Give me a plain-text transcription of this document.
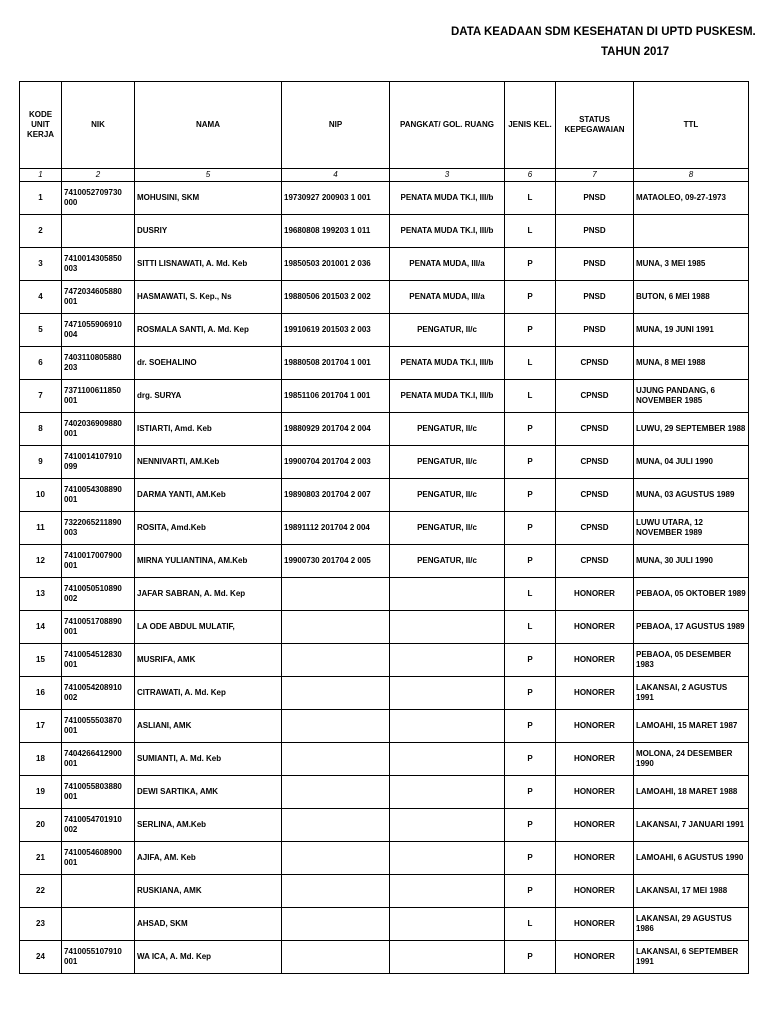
DATA KEADAAN SDM KESEHATAN DI UPTD PUSKESM.
TAHUN 2017
KODE UNIT KERJA	NIK	NAMA	NIP	PANGKAT/ GOL. RUANG	JENIS KEL.	STATUS KEPEGAWAIAN	TTL
1	2	5	4	3	6	7	8
1	7410052709730 000	MOHUSINI, SKM	19730927 200903 1 001	PENATA MUDA TK.I, III/b	L	PNSD	MATAOLEO, 09-27-1973
2		DUSRIY	19680808 199203 1 011	PENATA MUDA TK.I, III/b	L	PNSD	
3	7410014305850 003	SITTI LISNAWATI, A. Md. Keb	19850503 201001 2 036	PENATA MUDA, III/a	P	PNSD	MUNA, 3 MEI 1985
4	7472034605880 001	HASMAWATI, S. Kep., Ns	19880506 201503 2 002	PENATA MUDA, III/a	P	PNSD	BUTON, 6 MEI 1988
5	7471055906910 004	ROSMALA SANTI, A. Md. Kep	19910619 201503 2 003	PENGATUR, II/c	P	PNSD	MUNA, 19 JUNI 1991
6	7403110805880 203	dr. SOEHALINO	19880508 201704 1 001	PENATA MUDA TK.I, III/b	L	CPNSD	MUNA, 8 MEI 1988
7	7371100611850 001	drg. SURYA	19851106 201704 1 001	PENATA MUDA TK.I, III/b	L	CPNSD	UJUNG PANDANG, 6 NOVEMBER 1985
8	7402036909880 001	ISTIARTI, Amd. Keb	19880929 201704 2 004	PENGATUR, II/c	P	CPNSD	LUWU, 29 SEPTEMBER 1988
9	7410014107910 099	NENNIVARTI, AM.Keb	19900704 201704 2 003	PENGATUR, II/c	P	CPNSD	MUNA, 04 JULI 1990
10	7410054308890 001	DARMA YANTI, AM.Keb	19890803 201704 2 007	PENGATUR, II/c	P	CPNSD	MUNA, 03 AGUSTUS 1989
11	7322065211890 003	ROSITA, Amd.Keb	19891112 201704 2 004	PENGATUR, II/c	P	CPNSD	LUWU UTARA, 12 NOVEMBER 1989
12	7410017007900 001	MIRNA YULIANTINA, AM.Keb	19900730 201704 2 005	PENGATUR, II/c	P	CPNSD	MUNA, 30 JULI 1990
13	7410050510890 002	JAFAR SABRAN, A. Md. Kep			L	HONORER	PEBAOA, 05 OKTOBER 1989
14	7410051708890 001	LA ODE ABDUL MULATIF,			L	HONORER	PEBAOA, 17 AGUSTUS 1989
15	7410054512830 001	MUSRIFA, AMK			P	HONORER	PEBAOA, 05 DESEMBER 1983
16	7410054208910 002	CITRAWATI, A. Md. Kep			P	HONORER	LAKANSAI, 2 AGUSTUS 1991
17	7410055503870 001	ASLIANI, AMK			P	HONORER	LAMOAHI, 15 MARET 1987
18	7404266412900 001	SUMIANTI, A. Md. Keb			P	HONORER	MOLONA, 24 DESEMBER 1990
19	7410055803880 001	DEWI SARTIKA, AMK			P	HONORER	LAMOAHI, 18 MARET 1988
20	7410054701910 002	SERLINA, AM.Keb			P	HONORER	LAKANSAI, 7 JANUARI 1991
21	7410054608900 001	AJIFA, AM. Keb			P	HONORER	LAMOAHI, 6 AGUSTUS 1990
22		RUSKIANA, AMK			P	HONORER	LAKANSAI, 17 MEI 1988
23		AHSAD, SKM			L	HONORER	LAKANSAI, 29 AGUSTUS 1986
24	7410055107910 001	WA ICA, A. Md. Kep			P	HONORER	LAKANSAI, 6 SEPTEMBER 1991
